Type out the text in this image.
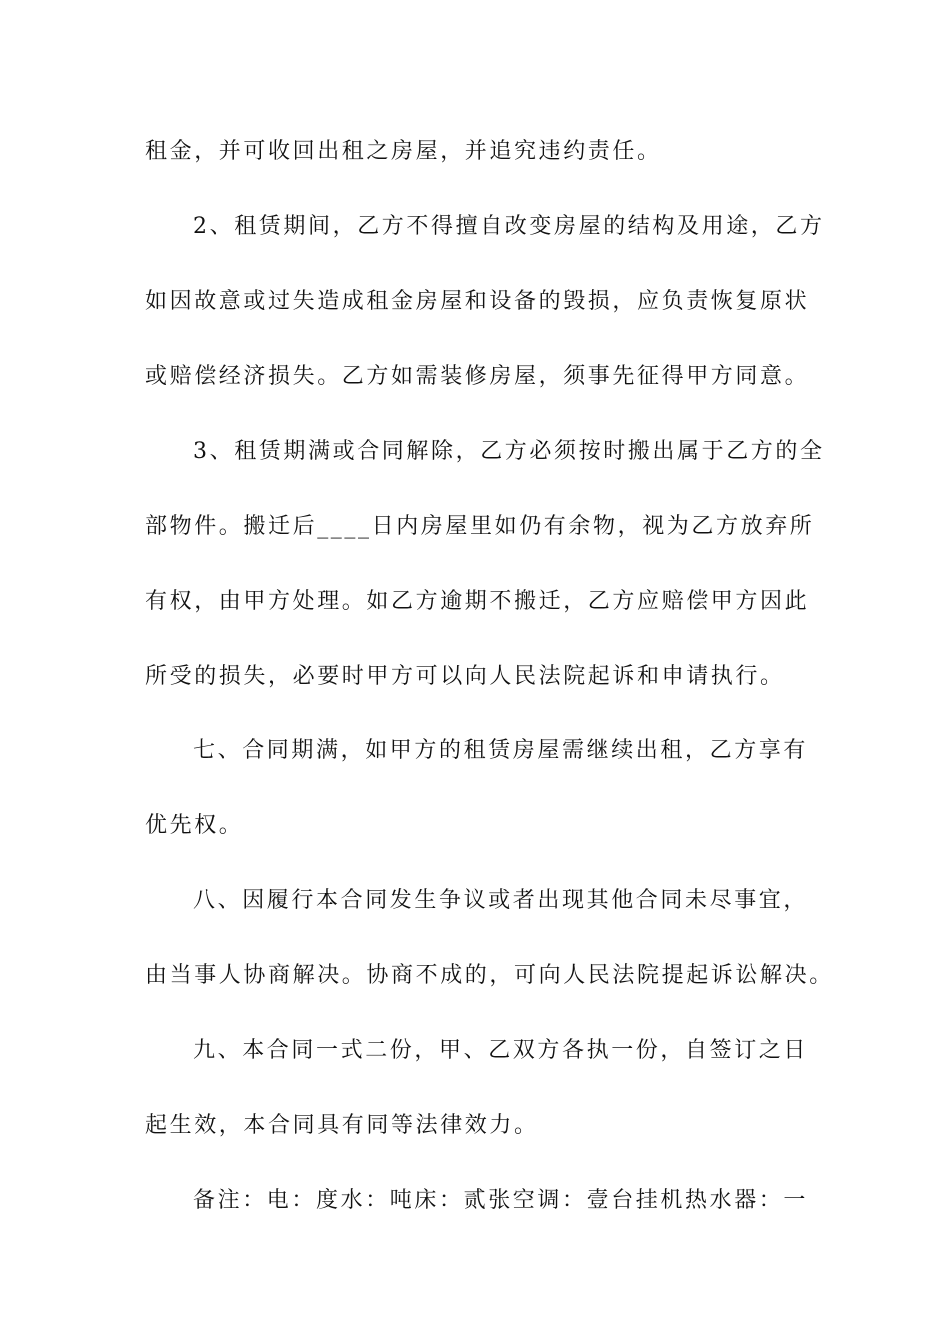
租金，并可收回出租之房屋，并追究违约责任。
2、租赁期间，乙方不得擅自改变房屋的结构及用途，乙方
如因故意或过失造成租金房屋和设备的毁损，应负责恢复原状
或赔偿经济损失。乙方如需装修房屋，须事先征得甲方同意。
3、租赁期满或合同解除，乙方必须按时搬出属于乙方的全
部物件。搬迁后____日内房屋里如仍有余物，视为乙方放弃所
有权，由甲方处理。如乙方逾期不搬迁，乙方应赔偿甲方因此
所受的损失，必要时甲方可以向人民法院起诉和申请执行。
七、合同期满，如甲方的租赁房屋需继续出租，乙方享有
优先权。
八、因履行本合同发生争议或者出现其他合同未尽事宜，
由当事人协商解决。协商不成的，可向人民法院提起诉讼解决。
九、本合同一式二份，甲、乙双方各执一份，自签订之日
起生效，本合同具有同等法律效力。
备注：电：度水：吨床：贰张空调：壹台挂机热水器：一
